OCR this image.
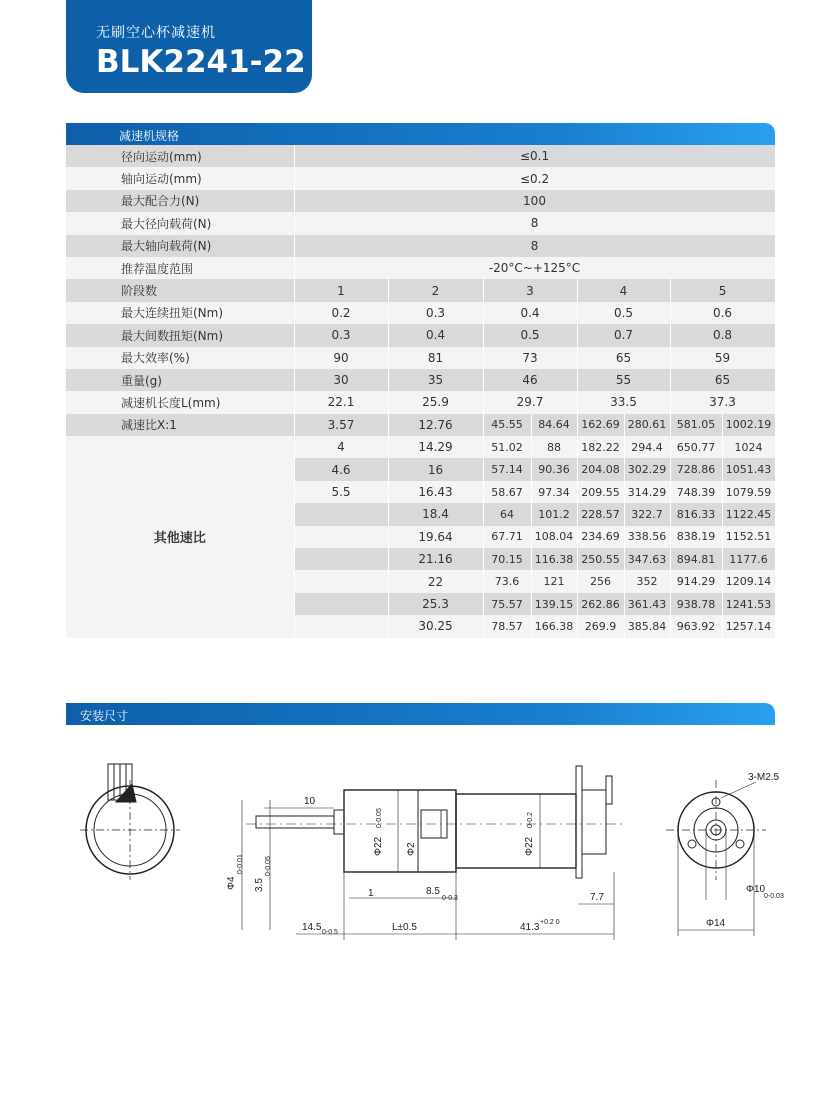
无刷空心杯减速机
BLK2241-22
减速机规格
径向运动(mm)	≤0.1							
轴向运动(mm)	≤0.2							
最大配合力(N)	100							
最大径向载荷(N)	8							
最大轴向载荷(N)	8							
推荐温度范围	-20°C~+125°C							
阶段数	1	2	3		4		5	
最大连续扭矩(Nm)	0.2	0.3	0.4		0.5		0.6	
最大间数扭矩(Nm)	0.3	0.4	0.5		0.7		0.8	
最大效率(%)	90	81	73		65		59	
重量(g)	30	35	46		55		65	
减速机长度L(mm)	22.1	25.9	29.7		33.5		37.3	
减速比X:1	3.57	12.76	45.55	84.64	162.69	280.61	581.05	1002.19
其他速比	4	14.29	51.02	88	182.22	294.4	650.77	1024
	4.6	16	57.14	90.36	204.08	302.29	728.86	1051.43
	5.5	16.43	58.67	97.34	209.55	314.29	748.39	1079.59
		18.4	64	101.2	228.57	322.7	816.33	1122.45
		19.64	67.71	108.04	234.69	338.56	838.19	1152.51
		21.16	70.15	116.38	250.55	347.63	894.81	1177.6
		22	73.6	121	256	352	914.29	1209.14
		25.3	75.57	139.15	262.86	361.43	938.78	1241.53
		30.25	78.57	166.38	269.9	385.84	963.92	1257.14
安装尺寸
10
Φ22
0-0.05
Φ2	Φ22
0-0.2
Φ4
0-0.01
3.5
0-0.05
1	8.5
0-0.3	7.7
14.5 0-0.5	L±0.5	41.3 +0.2 0
3-M2.5
Φ10
0-0.03
Φ14
